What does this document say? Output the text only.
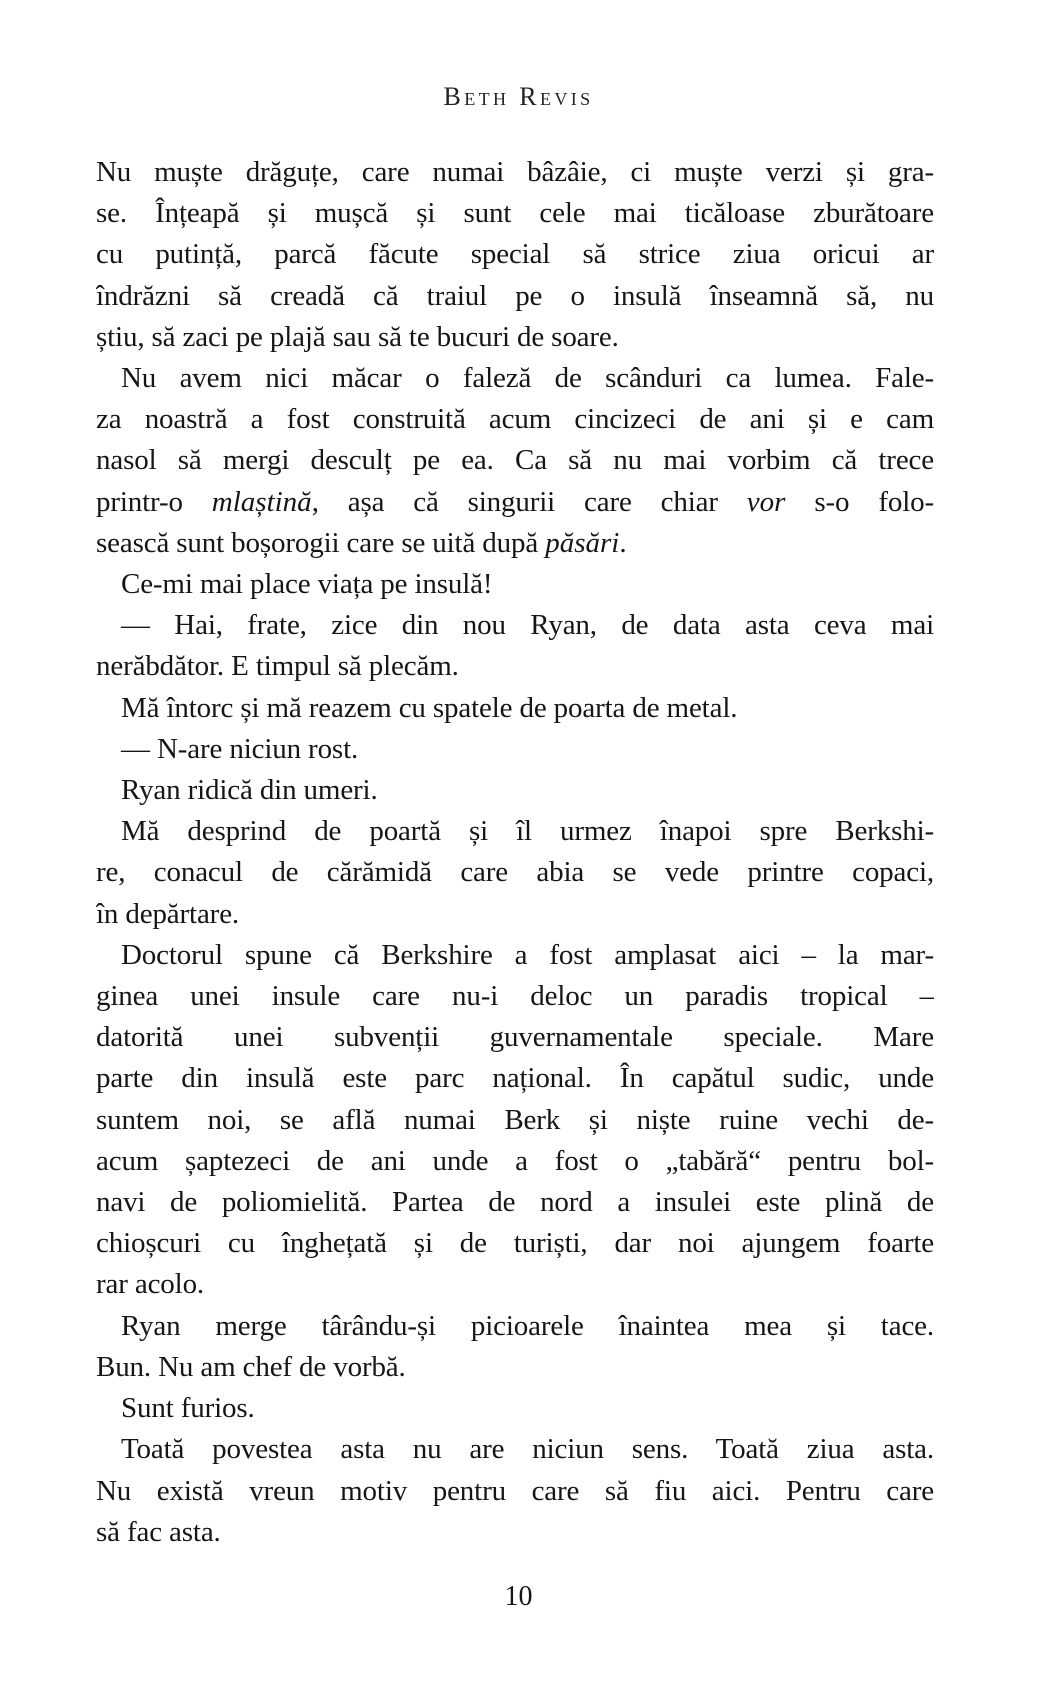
Beth Revis
Nu muște drăguțe, care numai bâzâie, ci muște verzi și gra-
se. Înțeapă și mușcă și sunt cele mai ticăloase zburătoare
cu putință, parcă făcute special să strice ziua oricui ar
îndrăzni să creadă că traiul pe o insulă înseamnă să, nu
știu, să zaci pe plajă sau să te bucuri de soare.
Nu avem nici măcar o faleză de scânduri ca lumea. Fale-
za noastră a fost construită acum cincizeci de ani și e cam
nasol să mergi desculț pe ea. Ca să nu mai vorbim că trece
printr-o mlaștină, așa că singurii care chiar vor s-o folo-
sească sunt boșorogii care se uită după păsări.
Ce-mi mai place viața pe insulă!
— Hai, frate, zice din nou Ryan, de data asta ceva mai
nerăbdător. E timpul să plecăm.
Mă întorc și mă reazem cu spatele de poarta de metal.
— N-are niciun rost.
Ryan ridică din umeri.
Mă desprind de poartă și îl urmez înapoi spre Berkshi-
re, conacul de cărămidă care abia se vede printre copaci,
în depărtare.
Doctorul spune că Berkshire a fost amplasat aici – la mar-
ginea unei insule care nu-i deloc un paradis tropical –
datorită unei subvenții guvernamentale speciale. Mare
parte din insulă este parc național. În capătul sudic, unde
suntem noi, se află numai Berk și niște ruine vechi de-
acum șaptezeci de ani unde a fost o „tabără“ pentru bol-
navi de poliomielită. Partea de nord a insulei este plină de
chioșcuri cu înghețată și de turiști, dar noi ajungem foarte
rar acolo.
Ryan merge târându-și picioarele înaintea mea și tace.
Bun. Nu am chef de vorbă.
Sunt furios.
Toată povestea asta nu are niciun sens. Toată ziua asta.
Nu există vreun motiv pentru care să fiu aici. Pentru care
să fac asta.
10
